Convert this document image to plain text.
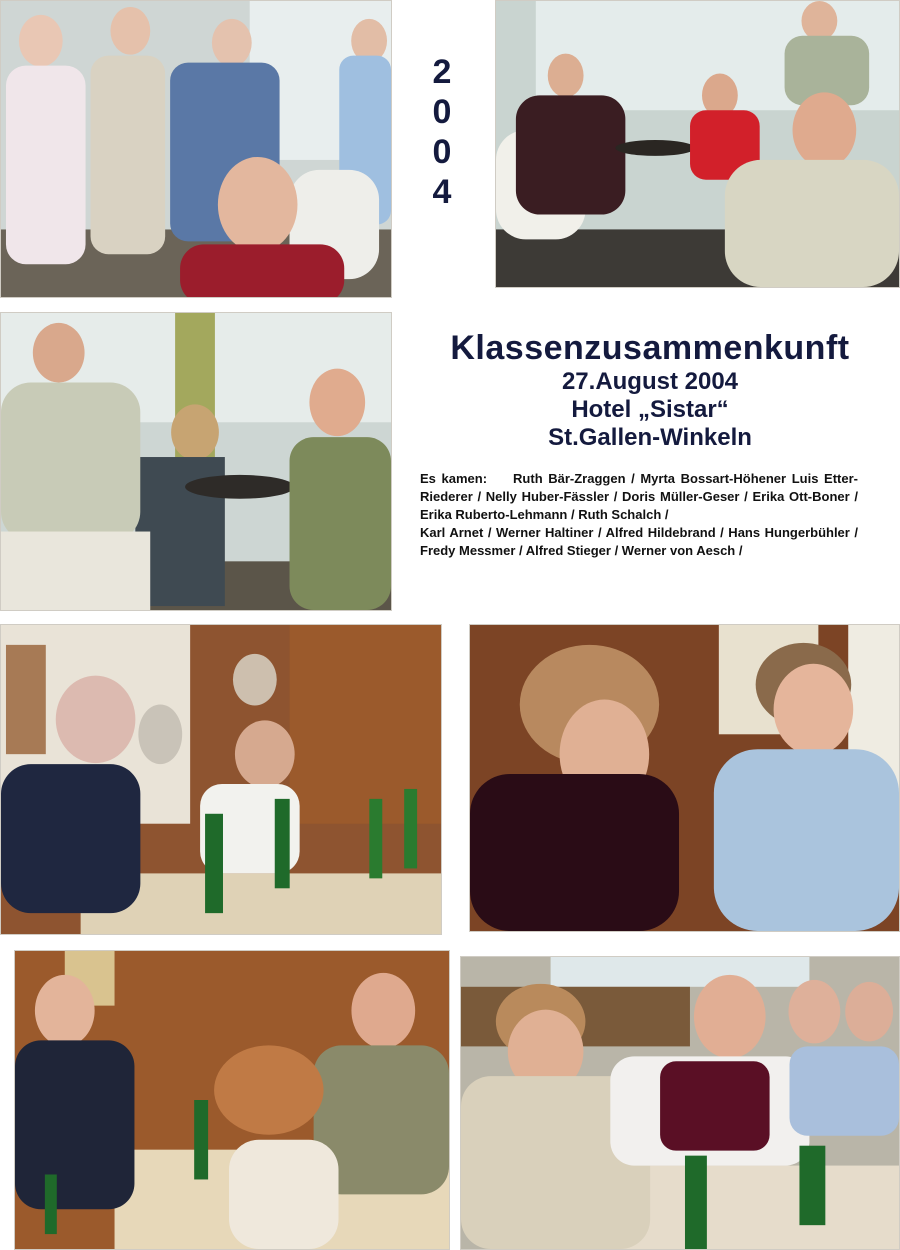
2
0
0
4
Klassenzusammenkunft
27.August 2004
Hotel „Sistar“
St.Gallen-Winkeln

Es kamen: Ruth Bär-Zraggen / Myrta Bossart-Höhener Luis Etter-Riederer / Nelly Huber-Fässler / Doris Müller-Geser / Erika Ott-Boner / Erika Ruberto-Lehmann / Ruth Schalch /

Karl Arnet / Werner Haltiner / Alfred Hildebrand / Hans Hungerbühler / Fredy Messmer / Alfred Stieger / Werner von Aesch /
